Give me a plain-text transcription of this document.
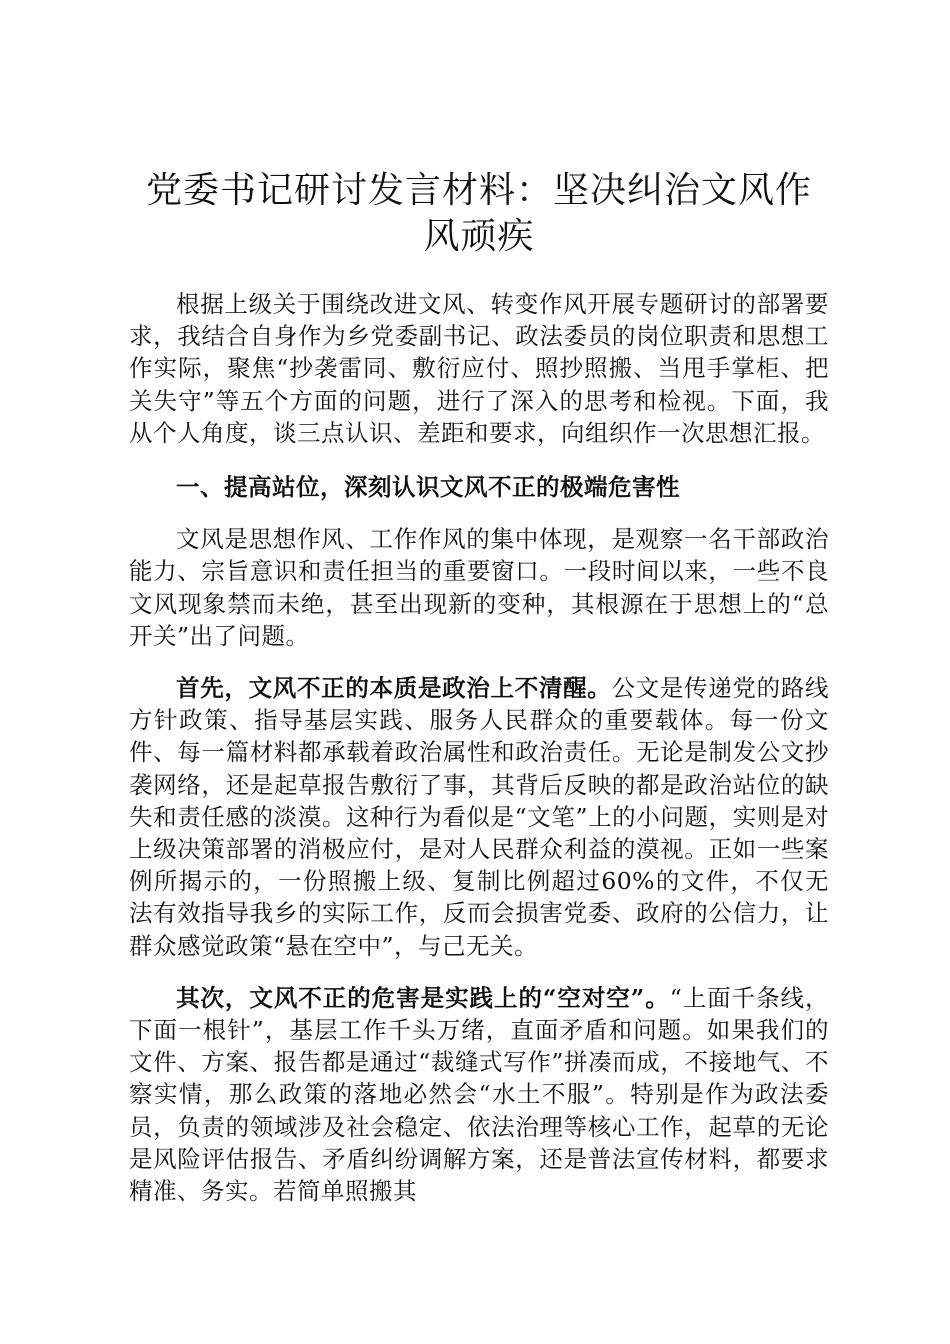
党委书记研讨发言材料：坚决纠治文风作风顽疾

根据上级关于围绕改进文风、转变作风开展专题研讨的部署要求，我结合自身作为乡党委副书记、政法委员的岗位职责和思想工作实际，聚焦“抄袭雷同、敷衍应付、照抄照搬、当甩手掌柜、把关失守”等五个方面的问题，进行了深入的思考和检视。下面，我从个人角度，谈三点认识、差距和要求，向组织作一次思想汇报。

一、提高站位，深刻认识文风不正的极端危害性

文风是思想作风、工作作风的集中体现，是观察一名干部政治能力、宗旨意识和责任担当的重要窗口。一段时间以来，一些不良文风现象禁而未绝，甚至出现新的变种，其根源在于思想上的“总开关”出了问题。

首先，文风不正的本质是政治上不清醒。公文是传递党的路线方针政策、指导基层实践、服务人民群众的重要载体。每一份文件、每一篇材料都承载着政治属性和政治责任。无论是制发公文抄袭网络，还是起草报告敷衍了事，其背后反映的都是政治站位的缺失和责任感的淡漠。这种行为看似是“文笔”上的小问题，实则是对上级决策部署的消极应付，是对人民群众利益的漠视。正如一些案例所揭示的，一份照搬上级、复制比例超过60%的文件，不仅无法有效指导我乡的实际工作，反而会损害党委、政府的公信力，让群众感觉政策“悬在空中”，与己无关。

其次，文风不正的危害是实践上的“空对空”。“上面千条线，下面一根针”，基层工作千头万绪，直面矛盾和问题。如果我们的文件、方案、报告都是通过“裁缝式写作”拼凑而成，不接地气、不察实情，那么政策的落地必然会“水土不服”。特别是作为政法委员，负责的领域涉及社会稳定、依法治理等核心工作，起草的无论是风险评估报告、矛盾纠纷调解方案，还是普法宣传材料，都要求精准、务实。若简单照搬其
